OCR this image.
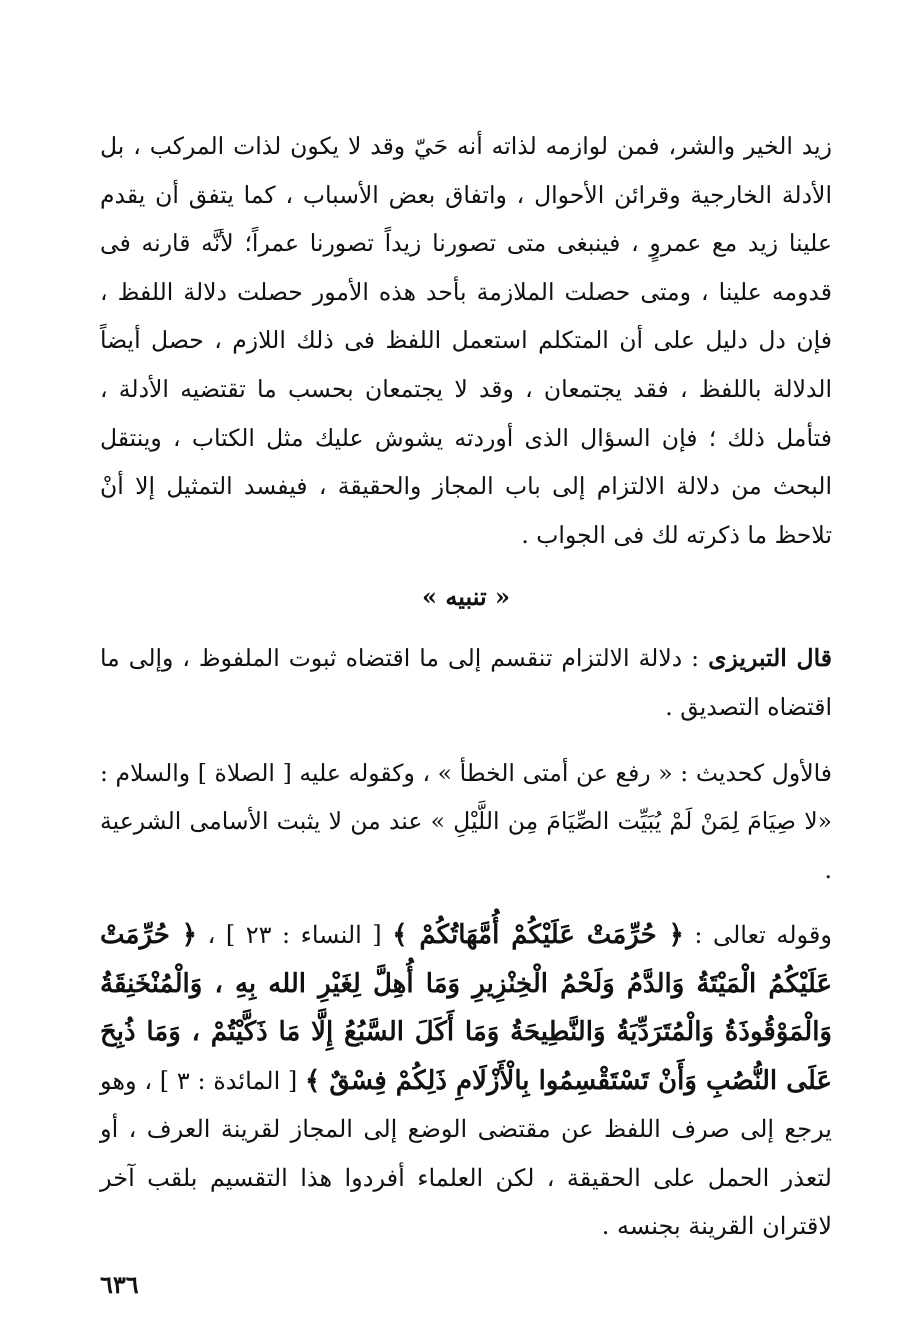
زيد الخير والشر، فمن لوازمه لذاته أنه حَيّ وقد لا يكون لذات المركب ، بل الأدلة الخارجية وقرائن الأحوال ، واتفاق بعض الأسباب ، كما يتفق أن يقدم علينا زيد مع عمروٍ ، فينبغى متى تصورنا زيداً تصورنا عمراً؛ لأنَّه قارنه فى قدومه علينا ، ومتى حصلت الملازمة بأحد هذه الأمور حصلت دلالة اللفظ ، فإن دل دليل على أن المتكلم استعمل اللفظ فى ذلك اللازم ، حصل أيضاً الدلالة باللفظ ، فقد يجتمعان ، وقد لا يجتمعان بحسب ما تقتضيه الأدلة ، فتأمل ذلك ؛ فإن السؤال الذى أوردته يشوش عليك مثل الكتاب ، وينتقل البحث من دلالة الالتزام إلى باب المجاز والحقيقة ، فيفسد التمثيل إلا أنْ تلاحظ ما ذكرته لك فى الجواب .

« تنبيه »

قال التبريزى : دلالة الالتزام تنقسم إلى ما اقتضاه ثبوت الملفوظ ، وإلى ما اقتضاه التصديق .

فالأول كحديث : « رفع عن أمتى الخطأ » ، وكقوله عليه [ الصلاة ] والسلام : «لا صِيَامَ لِمَنْ لَمْ يُبَيِّت الصِّيَامَ مِن اللَّيْلِ » عند من لا يثبت الأسامى الشرعية .

وقوله تعالى : ﴿ حُرِّمَتْ عَلَيْكُمْ أُمَّهَاتُكُمْ ﴾ [ النساء : ٢٣ ] ، ﴿ حُرِّمَتْ عَلَيْكُمُ الْمَيْتَةُ وَالدَّمُ وَلَحْمُ الْخِنْزِيرِ وَمَا أُهِلَّ لِغَيْرِ الله بِهِ ، وَالْمُنْخَنِقَةُ وَالْمَوْقُوذَةُ وَالْمُتَرَدِّيَةُ وَالنَّطِيحَةُ وَمَا أَكَلَ السَّبُعُ إِلَّا مَا ذَكَّيْتُمْ ، وَمَا ذُبِحَ عَلَى النُّصُبِ وَأَنْ تَسْتَقْسِمُوا بِالْأَزْلَامِ ذَلِكُمْ فِسْقٌ ﴾ [ المائدة : ٣ ] ، وهو يرجع إلى صرف اللفظ عن مقتضى الوضع إلى المجاز لقرينة العرف ، أو لتعذر الحمل على الحقيقة ، لكن العلماء أفردوا هذا التقسيم بلقب آخر لاقتران القرينة بجنسه .

٦٣٦
